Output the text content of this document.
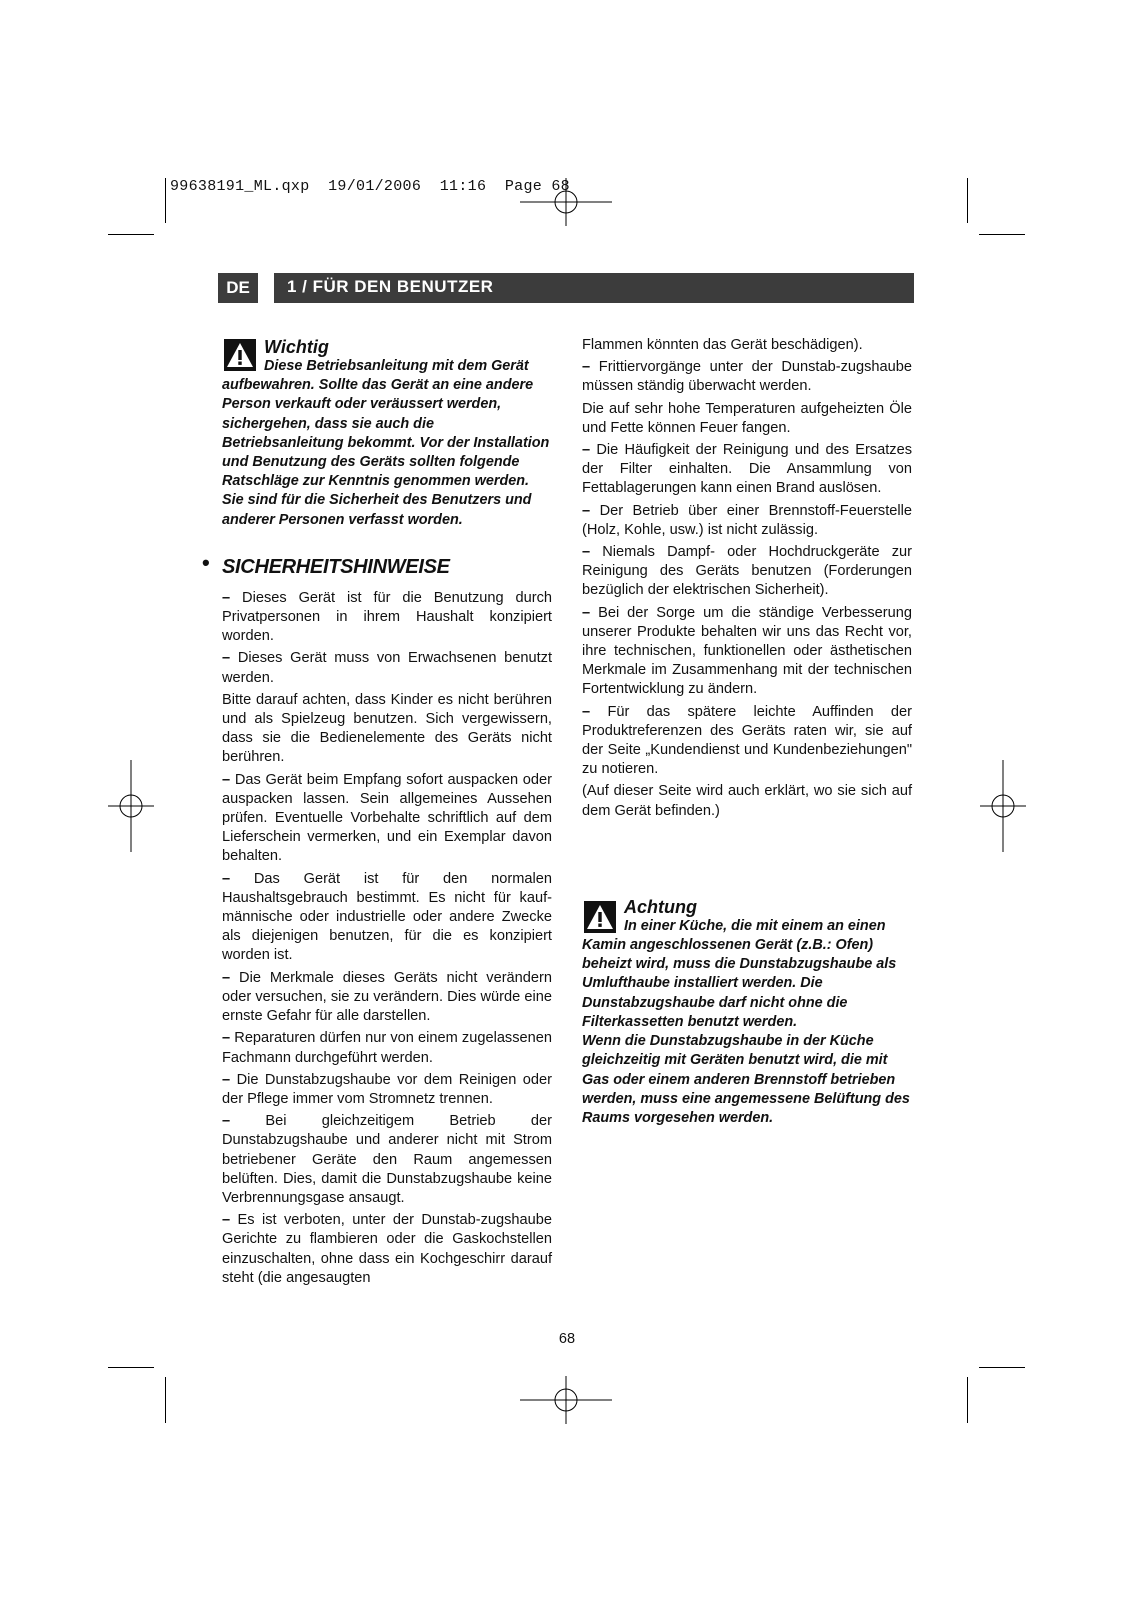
99638191_ML.qxp  19/01/2006  11:16  Page 68
DE	1 / FÜR DEN BENUTZER
Wichtig
Diese Betriebsanleitung mit dem Gerät aufbewahren. Sollte das Gerät an eine andere Person verkauft oder veräussert werden, sichergehen, dass sie auch die Betriebsanleitung bekommt. Vor der Installation und Benutzung des Geräts sollten folgende Ratschläge zur Kenntnis genommen werden. Sie sind für die Sicherheit des Benutzers und anderer Personen verfasst worden.
• SICHERHEITSHINWEISE

– Dieses Gerät ist für die Benutzung durch Privatpersonen in ihrem Haushalt konzipiert worden.

– Dieses Gerät muss von Erwachsenen benutzt werden.

Bitte darauf achten, dass Kinder es nicht berühren und als Spielzeug benutzen. Sich vergewissern, dass sie die Bedienelemente des Geräts nicht berühren.

– Das Gerät beim Empfang sofort auspacken oder auspacken lassen. Sein allgemeines Aussehen prüfen. Eventuelle Vorbehalte schriftlich auf dem Lieferschein vermerken, und ein Exemplar davon behalten.

– Das Gerät ist für den normalen Haushaltsgebrauch bestimmt. Es nicht für kauf-männische oder industrielle oder andere Zwecke als diejenigen benutzen, für die es konzipiert worden ist.

– Die Merkmale dieses Geräts nicht verändern oder versuchen, sie zu verändern. Dies würde eine ernste Gefahr für alle darstellen.

– Reparaturen dürfen nur von einem zugelassenen Fachmann durchgeführt werden.

– Die Dunstabzugshaube vor dem Reinigen oder der Pflege immer vom Stromnetz trennen.

– Bei gleichzeitigem Betrieb der Dunstabzugshaube und anderer nicht mit Strom betriebener Geräte den Raum angemessen belüften. Dies, damit die Dunstabzugshaube keine Verbrennungsgase ansaugt.

– Es ist verboten, unter der Dunstab-zugshaube Gerichte zu flambieren oder die Gaskochstellen einzuschalten, ohne dass ein Kochgeschirr darauf steht (die angesaugten

Flammen könnten das Gerät beschädigen).

– Frittiervorgänge unter der Dunstab-zugshaube müssen ständig überwacht werden.

Die auf sehr hohe Temperaturen aufgeheizten Öle und Fette können Feuer fangen.

– Die Häufigkeit der Reinigung und des Ersatzes der Filter einhalten. Die Ansammlung von Fettablagerungen kann einen Brand auslösen.

– Der Betrieb über einer Brennstoff-Feuerstelle (Holz, Kohle, usw.) ist nicht zulässig.

– Niemals Dampf- oder Hochdruckgeräte zur Reinigung des Geräts benutzen (Forderungen bezüglich der elektrischen Sicherheit).

– Bei der Sorge um die ständige Verbesserung unserer Produkte behalten wir uns das Recht vor, ihre technischen, funktionellen oder ästhetischen Merkmale im Zusammenhang mit der technischen Fortentwicklung zu ändern.

– Für das spätere leichte Auffinden der Produktreferenzen des Geräts raten wir, sie auf der Seite „Kundendienst und Kundenbeziehungen" zu notieren.

(Auf dieser Seite wird auch erklärt, wo sie sich auf dem Gerät befinden.)

Achtung
In einer Küche, die mit einem an einen Kamin angeschlossenen Gerät (z.B.: Ofen) beheizt wird, muss die Dunstabzugshaube als Umlufthaube installiert werden. Die Dunstabzugshaube darf nicht ohne die Filterkassetten benutzt werden.
Wenn die Dunstabzugshaube in der Küche gleichzeitig mit Geräten benutzt wird, die mit Gas oder einem anderen Brennstoff betrieben werden, muss eine angemessene Belüftung des Raums vorgesehen werden.
68
